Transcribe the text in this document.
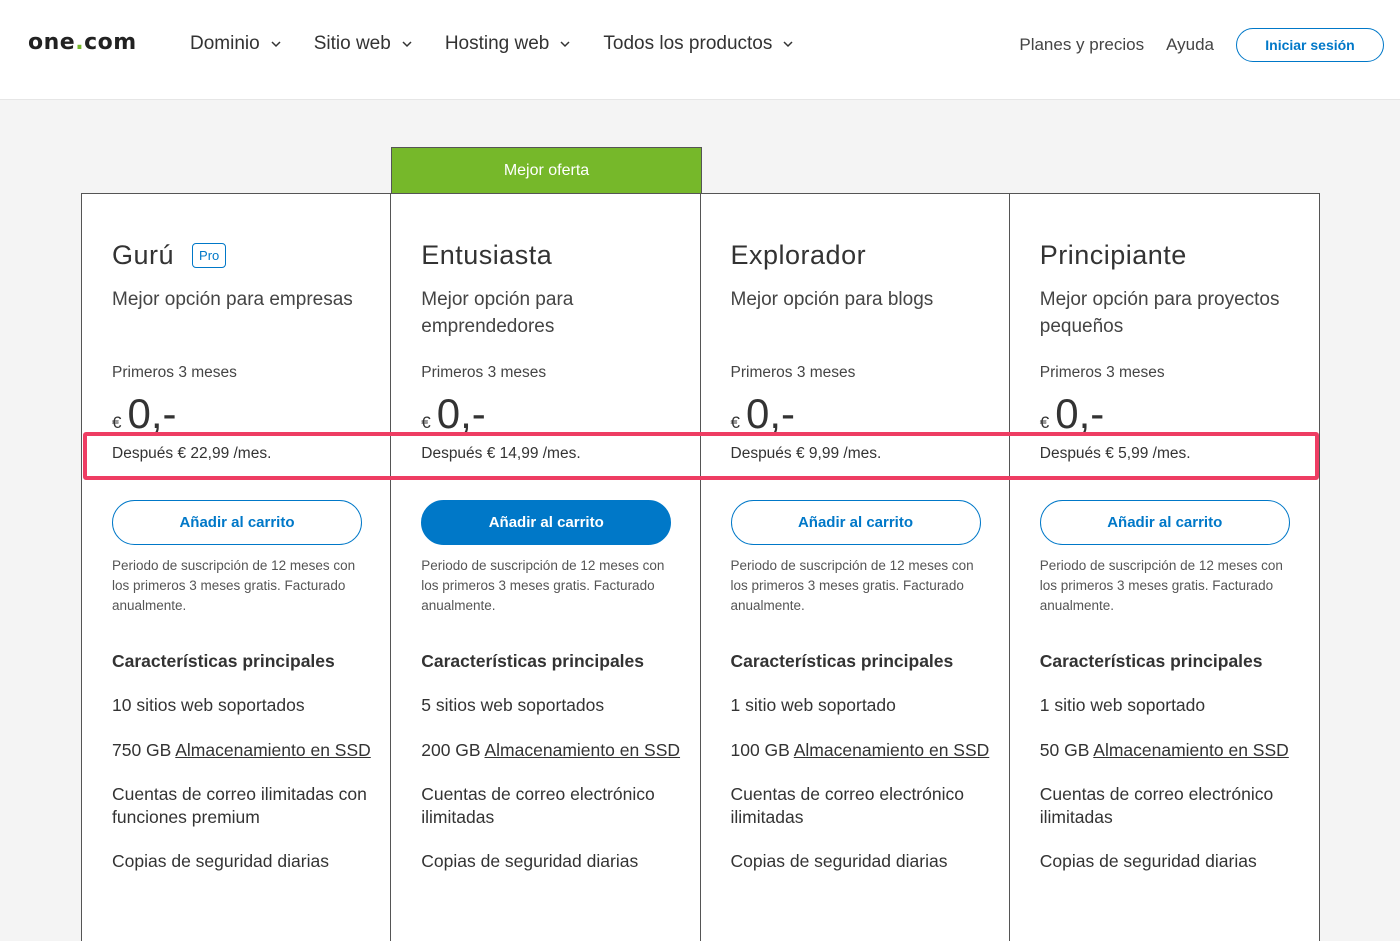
one.com	Dominio	Sitio web	Hosting web	Todos los productos	Planes y precios Ayuda	Iniciar sesión
Mejor oferta
Gurú	Pro
Mejor opción para empresas
Primeros 3 meses
€ 0,-
Después € 22,99 /mes.
Añadir al carrito
Periodo de suscripción de 12 meses con los primeros 3 meses gratis. Facturado anualmente.
Características principales
10 sitios web soportados
750 GB Almacenamiento en SSD
Cuentas de correo ilimitadas con funciones premium
Copias de seguridad diarias
Entusiasta
Mejor opción para emprendedores
Primeros 3 meses
€ 0,-
Después € 14,99 /mes.
Añadir al carrito
Periodo de suscripción de 12 meses con los primeros 3 meses gratis. Facturado anualmente.
Características principales
5 sitios web soportados
200 GB Almacenamiento en SSD
Cuentas de correo electrónico ilimitadas
Copias de seguridad diarias
Explorador
Mejor opción para blogs
Primeros 3 meses
€ 0,-
Después € 9,99 /mes.
Añadir al carrito
Periodo de suscripción de 12 meses con los primeros 3 meses gratis. Facturado anualmente.
Características principales
1 sitio web soportado
100 GB Almacenamiento en SSD
Cuentas de correo electrónico ilimitadas
Copias de seguridad diarias
Principiante
Mejor opción para proyectos pequeños
Primeros 3 meses
€ 0,-
Después € 5,99 /mes.
Añadir al carrito
Periodo de suscripción de 12 meses con los primeros 3 meses gratis. Facturado anualmente.
Características principales
1 sitio web soportado
50 GB Almacenamiento en SSD
Cuentas de correo electrónico ilimitadas
Copias de seguridad diarias
